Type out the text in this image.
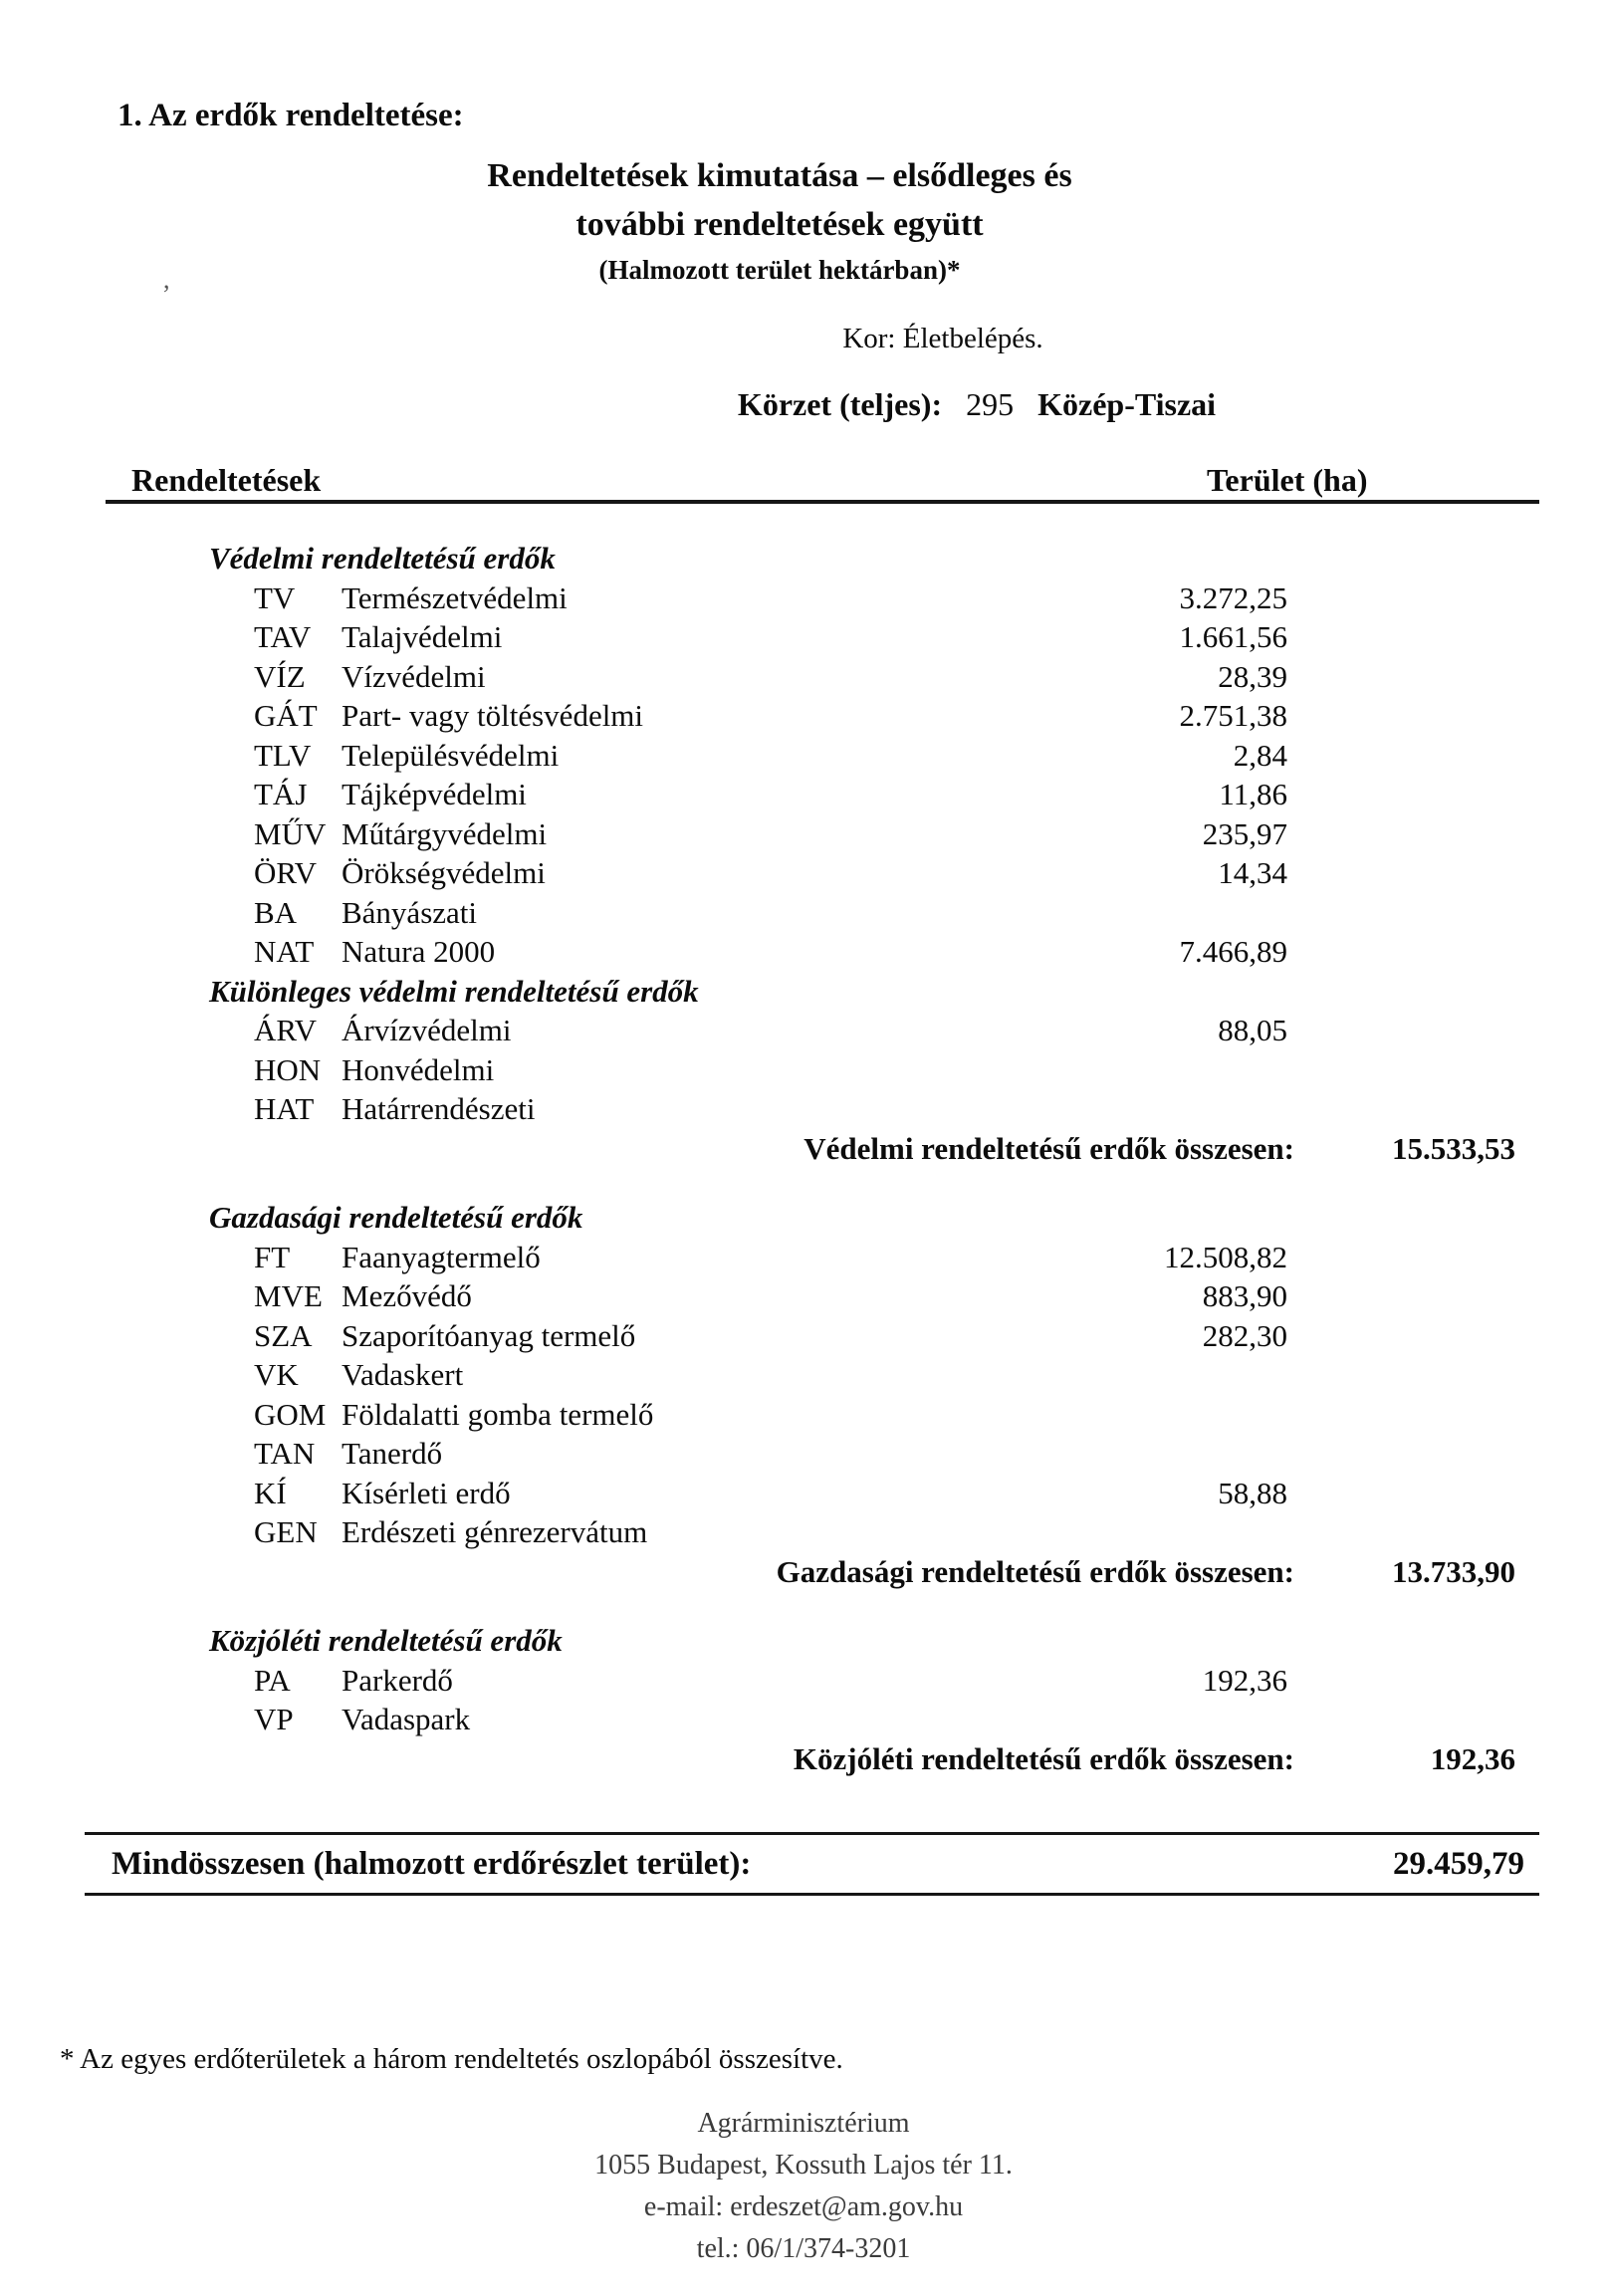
,
1. Az erdők rendeltetése:
Rendeltetések kimutatása – elsődleges és
további rendeltetések együtt
(Halmozott terület hektárban)*
Kor: Életbelépés.
Körzet (teljes): 295 Közép-Tiszai
Rendeltetések	Terület (ha)
Védelmi rendeltetésű erdők
TV Természetvédelmi	3.272,25
TAV Talajvédelmi	1.661,56
VÍZ Vízvédelmi	28,39
GÁT Part- vagy töltésvédelmi	2.751,38
TLV Településvédelmi	2,84
TÁJ Tájképvédelmi	11,86
MŰV Műtárgyvédelmi	235,97
ÖRV Örökségvédelmi	14,34
BA Bányászati
NAT Natura 2000	7.466,89
Különleges védelmi rendeltetésű erdők
ÁRV Árvízvédelmi	88,05
HON Honvédelmi
HAT Határrendészeti
Védelmi rendeltetésű erdők összesen:	15.533,53
Gazdasági rendeltetésű erdők
FT Faanyagtermelő	12.508,82
MVE Mezővédő	883,90
SZA Szaporítóanyag termelő	282,30
VK Vadaskert
GOM Földalatti gomba termelő
TAN Tanerdő
KÍ Kísérleti erdő	58,88
GEN Erdészeti génrezervátum
Gazdasági rendeltetésű erdők összesen:	13.733,90
Közjóléti rendeltetésű erdők
PA Parkerdő	192,36
VP Vadaspark
Közjóléti rendeltetésű erdők összesen:	192,36
Mindösszesen (halmozott erdőrészlet terület):	29.459,79
* Az egyes erdőterületek a három rendeltetés oszlopából összesítve.
Agrárminisztérium
1055 Budapest, Kossuth Lajos tér 11.
e-mail: erdeszet@am.gov.hu
tel.: 06/1/374-3201
